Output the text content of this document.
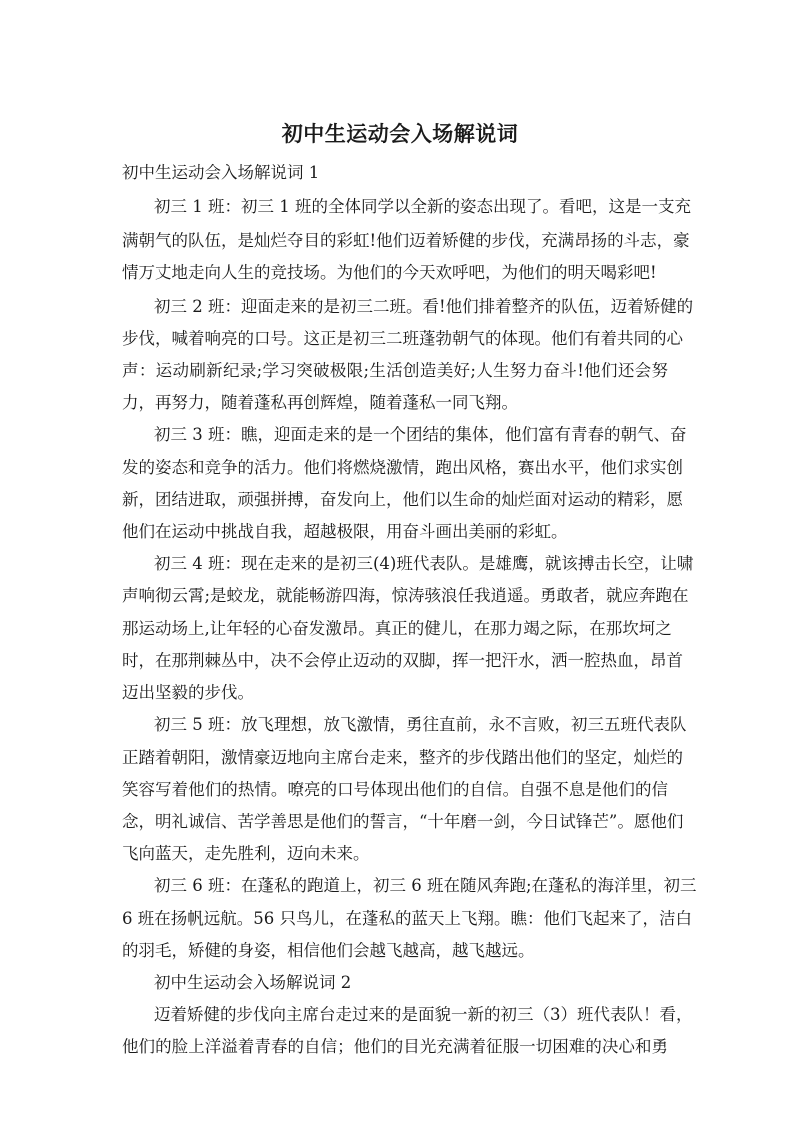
初中生运动会入场解说词
初中生运动会入场解说词 1
初三 1 班：初三 1 班的全体同学以全新的姿态出现了。看吧，这是一支充
满朝气的队伍，是灿烂夺目的彩虹!他们迈着矫健的步伐，充满昂扬的斗志，豪
情万丈地走向人生的竞技场。为他们的今天欢呼吧，为他们的明天喝彩吧!
初三 2 班：迎面走来的是初三二班。看!他们排着整齐的队伍，迈着矫健的
步伐，喊着响亮的口号。这正是初三二班蓬勃朝气的体现。他们有着共同的心
声：运动刷新纪录;学习突破极限;生活创造美好;人生努力奋斗!他们还会努
力，再努力，随着蓬私再创辉煌，随着蓬私一同飞翔。
初三 3 班：瞧，迎面走来的是一个团结的集体，他们富有青春的朝气、奋
发的姿态和竞争的活力。他们将燃烧激情，跑出风格，赛出水平，他们求实创
新，团结进取，顽强拼搏，奋发向上，他们以生命的灿烂面对运动的精彩，愿
他们在运动中挑战自我，超越极限，用奋斗画出美丽的彩虹。
初三 4 班：现在走来的是初三(4)班代表队。是雄鹰，就该搏击长空，让啸
声响彻云霄;是蛟龙，就能畅游四海，惊涛骇浪任我逍遥。勇敢者，就应奔跑在
那运动场上,让年轻的心奋发激昂。真正的健儿，在那力竭之际，在那坎坷之
时，在那荆棘丛中，决不会停止迈动的双脚，挥一把汗水，洒一腔热血，昂首
迈出坚毅的步伐。
初三 5 班：放飞理想，放飞激情，勇往直前，永不言败，初三五班代表队
正踏着朝阳，激情豪迈地向主席台走来，整齐的步伐踏出他们的坚定，灿烂的
笑容写着他们的热情。嘹亮的口号体现出他们的自信。自强不息是他们的信
念，明礼诚信、苦学善思是他们的誓言，“十年磨一剑，今日试锋芒”。愿他们
飞向蓝天，走先胜利，迈向未来。
初三 6 班：在蓬私的跑道上，初三 6 班在随风奔跑;在蓬私的海洋里，初三
6 班在扬帆远航。56 只鸟儿，在蓬私的蓝天上飞翔。瞧：他们飞起来了，洁白
的羽毛，矫健的身姿，相信他们会越飞越高，越飞越远。
初中生运动会入场解说词 2
迈着矫健的步伐向主席台走过来的是面貌一新的初三（3）班代表队！看，
他们的脸上洋溢着青春的自信；他们的目光充满着征服一切困难的决心和勇
